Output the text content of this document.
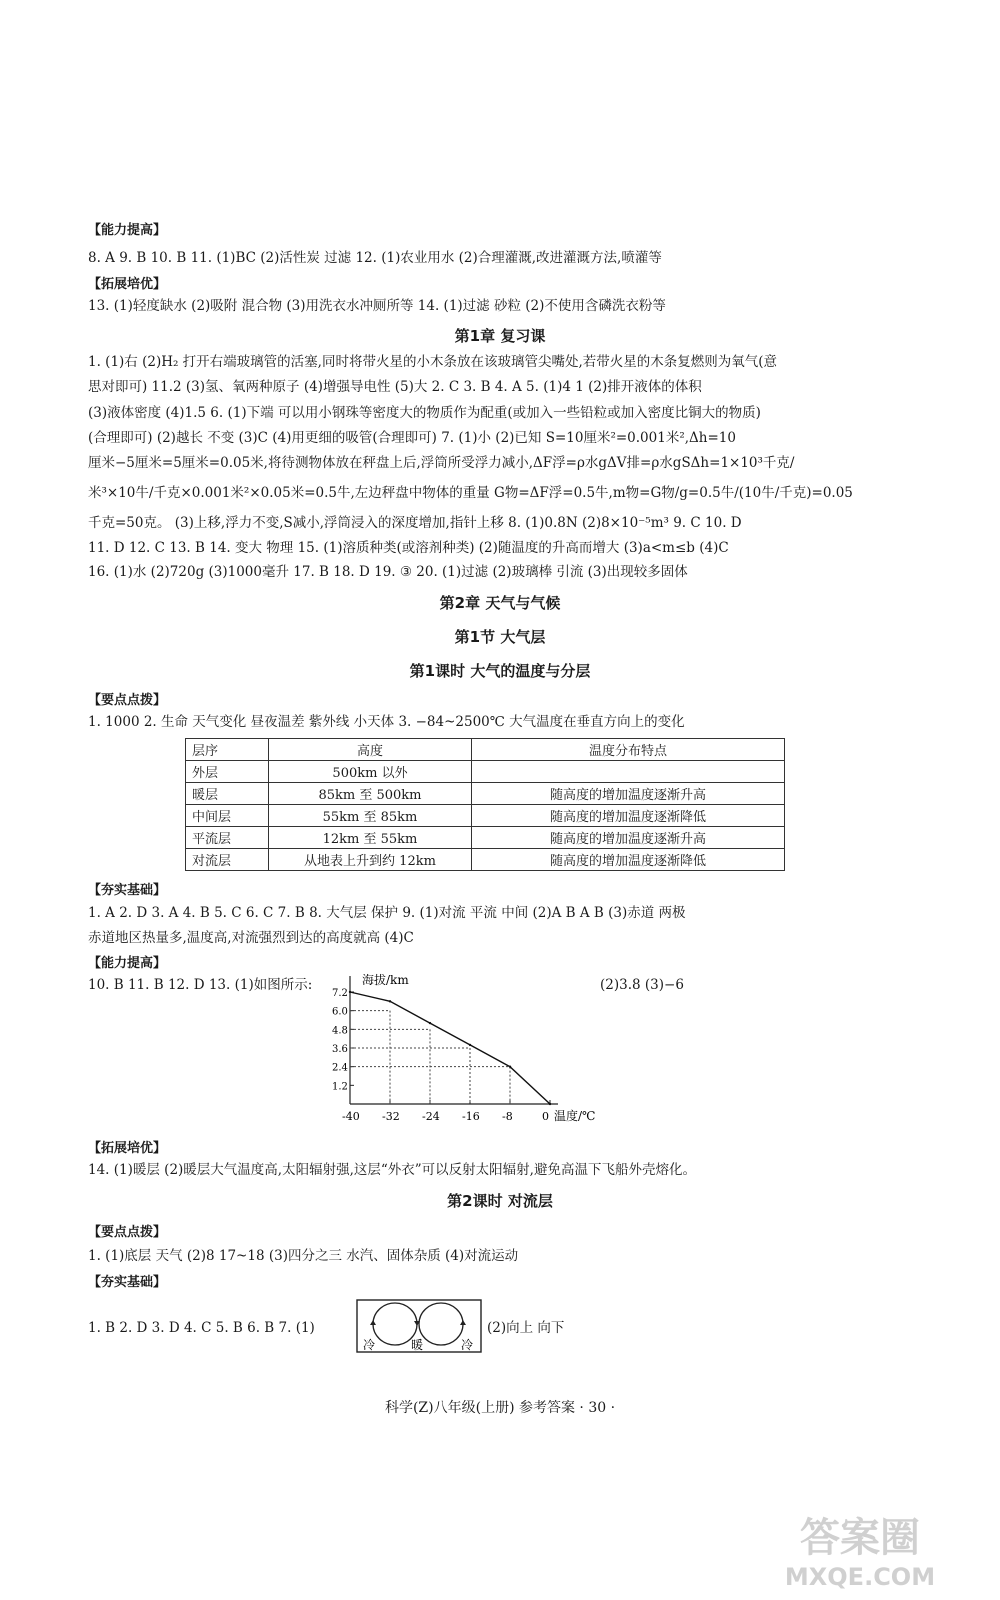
【能力提高】
8. A 9. B 10. B 11. (1)BC (2)活性炭 过滤 12. (1)农业用水 (2)合理灌溉,改进灌溉方法,喷灌等
【拓展培优】
13. (1)轻度缺水 (2)吸附 混合物 (3)用洗衣水冲厕所等 14. (1)过滤 砂粒 (2)不使用含磷洗衣粉等
第1章 复习课
1. (1)右 (2)H₂ 打开右端玻璃管的活塞,同时将带火星的小木条放在该玻璃管尖嘴处,若带火星的木条复燃则为氧气(意
思对即可) 11.2 (3)氢、氧两种原子 (4)增强导电性 (5)大 2. C 3. B 4. A 5. (1)4 1 (2)排开液体的体积
(3)液体密度 (4)1.5 6. (1)下端 可以用小钢珠等密度大的物质作为配重(或加入一些铅粒或加入密度比铜大的物质)
(合理即可) (2)越长 不变 (3)C (4)用更细的吸管(合理即可) 7. (1)小 (2)已知 S=10厘米²=0.001米²,Δh=10
厘米−5厘米=5厘米=0.05米,将待测物体放在秤盘上后,浮筒所受浮力减小,ΔF浮=ρ水gΔV排=ρ水gSΔh=1×10³千克/
米³×10牛/千克×0.001米²×0.05米=0.5牛,左边秤盘中物体的重量 G物=ΔF浮=0.5牛,m物=G物/g=0.5牛/(10牛/千克)=0.05
千克=50克。 (3)上移,浮力不变,S减小,浮筒浸入的深度增加,指针上移 8. (1)0.8N (2)8×10⁻⁵m³ 9. C 10. D
11. D 12. C 13. B 14. 变大 物理 15. (1)溶质种类(或溶剂种类) (2)随温度的升高而增大 (3)a<m≤b (4)C
16. (1)水 (2)720g (3)1000毫升 17. B 18. D 19. ③ 20. (1)过滤 (2)玻璃棒 引流 (3)出现较多固体
第2章 天气与气候
第1节 大气层
第1课时 大气的温度与分层
【要点点拨】
1. 1000 2. 生命 天气变化 昼夜温差 紫外线 小天体 3. −84~2500℃ 大气温度在垂直方向上的变化
层序	高度	温度分布特点
外层	500km 以外	
暖层	85km 至 500km	随高度的增加温度逐渐升高
中间层	55km 至 85km	随高度的增加温度逐渐降低
平流层	12km 至 55km	随高度的增加温度逐渐升高
对流层	从地表上升到约 12km	随高度的增加温度逐渐降低
【夯实基础】
1. A 2. D 3. A 4. B 5. C 6. C 7. B 8. 大气层 保护 9. (1)对流 平流 中间 (2)A B A B (3)赤道 两极
赤道地区热量多,温度高,对流强烈到达的高度就高 (4)C
【能力提高】
10. B 11. B 12. D 13. (1)如图所示:	(2)3.8 (3)−6
海拔/km
温度/℃
-40 -32 -24 -16 -8	0
1.2
2.4
3.6
4.8
6.0
7.2
【拓展培优】
14. (1)暖层 (2)暖层大气温度高,太阳辐射强,这层“外衣”可以反射太阳辐射,避免高温下飞船外壳熔化。
第2课时 对流层
【要点点拨】
1. (1)底层 天气 (2)8 17~18 (3)四分之三 水汽、固体杂质 (4)对流运动
【夯实基础】
1. B 2. D 3. D 4. C 5. B 6. B 7. (1)	(2)向上 向下
冷	暖	冷
科学(Z)八年级(上册) 参考答案 · 30 ·
答案圈
MXQE.COM
